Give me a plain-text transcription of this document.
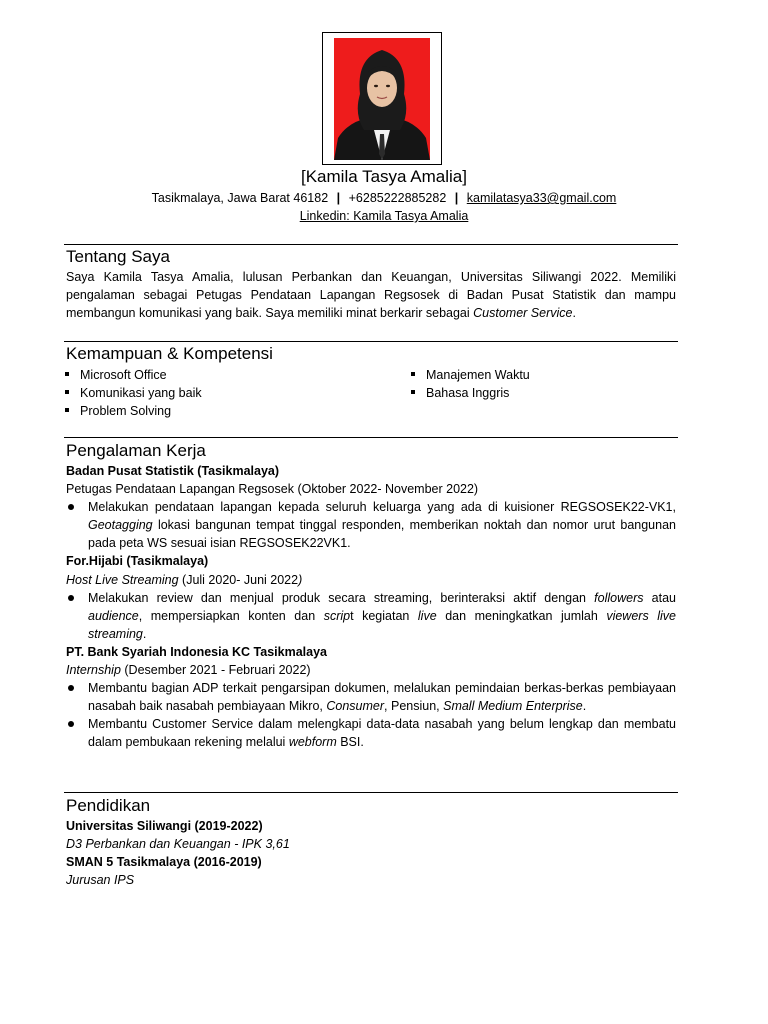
[Kamila Tasya Amalia]
Tasikmalaya, Jawa Barat 46182 | +6285222885282 | kamilatasya33@gmail.com
Linkedin: Kamila Tasya Amalia
Tentang Saya
Saya Kamila Tasya Amalia, lulusan Perbankan dan Keuangan, Universitas Siliwangi 2022. Memiliki pengalaman sebagai Petugas Pendataan Lapangan Regsosek di Badan Pusat Statistik dan mampu membangun komunikasi yang baik. Saya memiliki minat berkarir sebagai Customer Service.
Kemampuan & Kompetensi
Microsoft Office
Komunikasi yang baik
Problem Solving
Manajemen Waktu
Bahasa Inggris
Pengalaman Kerja
Badan Pusat Statistik (Tasikmalaya)
Petugas Pendataan Lapangan Regsosek (Oktober 2022- November 2022)
Melakukan pendataan lapangan kepada seluruh keluarga yang ada di kuisioner REGSOSEK22-VK1, Geotagging lokasi bangunan tempat tinggal responden, memberikan noktah dan nomor urut bangunan pada peta WS sesuai isian REGSOSEK22VK1.
For.Hijabi (Tasikmalaya)
Host Live Streaming (Juli 2020- Juni 2022)
Melakukan review dan menjual produk secara streaming, berinteraksi aktif dengan followers atau audience, mempersiapkan konten dan script kegiatan live dan meningkatkan jumlah viewers live streaming.
PT. Bank Syariah Indonesia KC Tasikmalaya
Internship (Desember 2021 - Februari 2022)
Membantu bagian ADP terkait pengarsipan dokumen, melalukan pemindaian berkas-berkas pembiayaan nasabah baik nasabah pembiayaan Mikro, Consumer, Pensiun, Small Medium Enterprise.
Membantu Customer Service dalam melengkapi data-data nasabah yang belum lengkap dan membatu dalam pembukaan rekening melalui webform BSI.
Pendidikan
Universitas Siliwangi (2019-2022)
D3 Perbankan dan Keuangan - IPK 3,61
SMAN 5 Tasikmalaya (2016-2019)
Jurusan IPS
